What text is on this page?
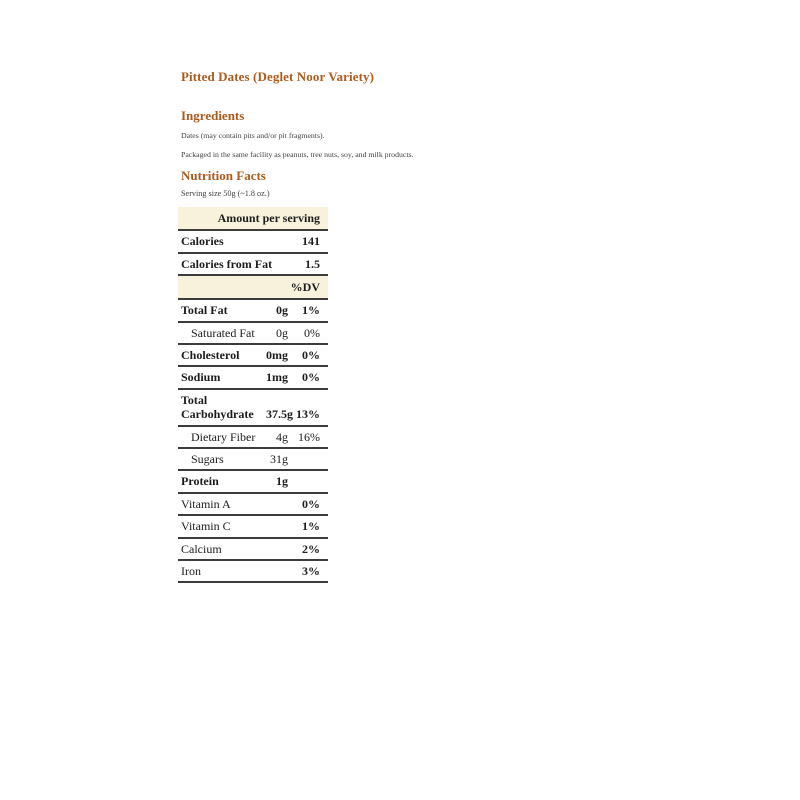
Pitted Dates (Deglet Noor Variety)
Ingredients

Dates (may contain pits and/or pit fragments).

Packaged in the same facility as peanuts, tree nuts, soy, and milk products.

Nutrition Facts

Serving size 50g (~1.8 oz.)

Amount per serving		
Calories		141
Calories from Fat		1.5
%DV		
Total Fat	0g	1%
Saturated Fat	0g	0%
Cholesterol	0mg	0%
Sodium	1mg	0%
Total Carbohydrate	37.5g	13%
Dietary Fiber	4g	16%
Sugars	31g	
Protein	1g	
Vitamin A		0%
Vitamin C		1%
Calcium		2%
Iron		3%
